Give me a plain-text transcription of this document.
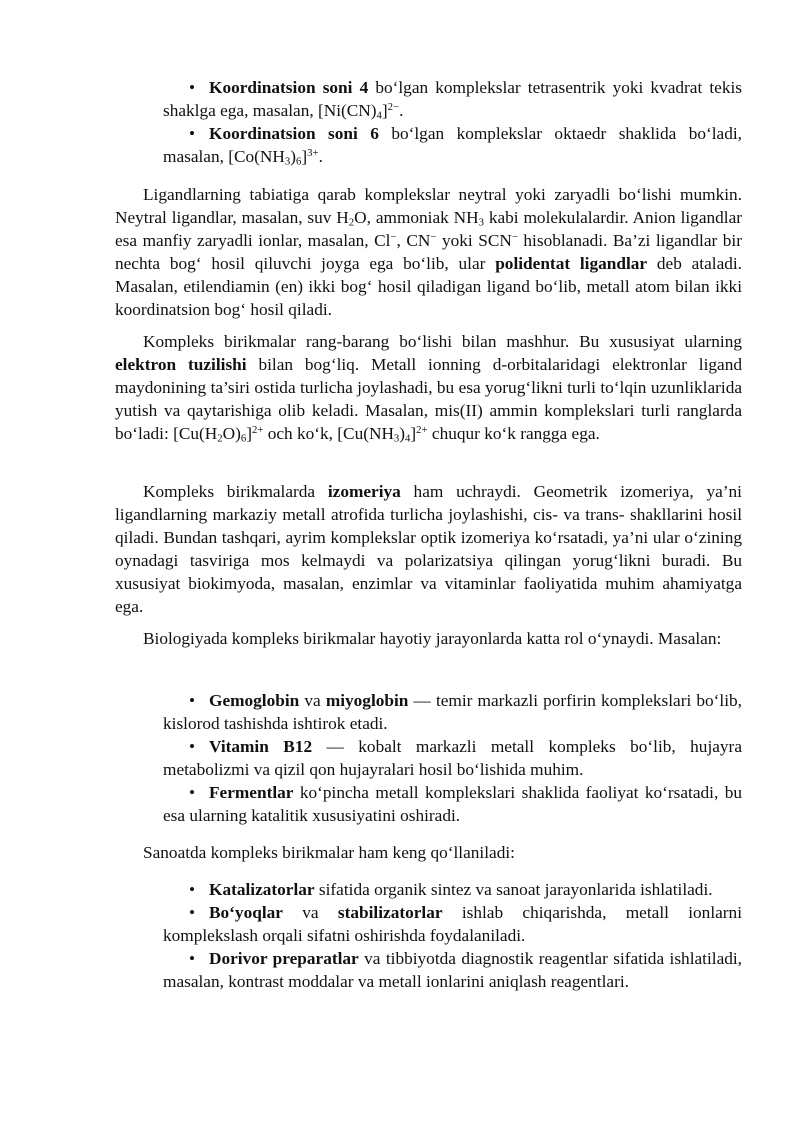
• Koordinatsion soni 4 bo‘lgan komplekslar tetrasentrik yoki kvadrat tekis shaklga ega, masalan, $[Ni(CN)_4]^{2-}$.
• Koordinatsion soni 6 bo‘lgan komplekslar oktaedr shaklida bo‘ladi, masalan, $[Co(NH_3)_6]^{3+}$.

Ligandlarning tabiatiga qarab komplekslar neytral yoki zaryadli bo‘lishi mumkin. Neytral ligandlar, masalan, suv $H_2O$, ammoniak $NH_3$ kabi molekulalardir. Anion ligandlar esa manfiy zaryadli ionlar, masalan, Cl−, CN− yoki SCN− hisoblanadi. Ba’zi ligandlar bir nechta bog‘ hosil qiluvchi joyga ega bo‘lib, ular polidentat ligandlar deb ataladi. Masalan, etilendiamin (en) ikki bog‘ hosil qiladigan ligand bo‘lib, metall atom bilan ikki koordinatsion bog‘ hosil qiladi.

Kompleks birikmalar rang-barang bo‘lishi bilan mashhur. Bu xususiyat ularning elektron tuzilishi bilan bog‘liq. Metall ionning d-orbitalaridagi elektronlar ligand maydonining ta’siri ostida turlicha joylashadi, bu esa yorug‘likni turli to‘lqin uzunliklarida yutish va qaytarishiga olib keladi. Masalan, mis(II) ammin komplekslari turli ranglarda bo‘ladi: $[Cu(H_2O)_6]^{2+}$ och ko‘k, $[Cu(NH_3)_4]^{2+}$ chuqur ko‘k rangga ega.

Kompleks birikmalarda izomeriya ham uchraydi. Geometrik izomeriya, ya’ni ligandlarning markaziy metall atrofida turlicha joylashishi, cis- va trans- shakllarini hosil qiladi. Bundan tashqari, ayrim komplekslar optik izomeriya ko‘rsatadi, ya’ni ular o‘zining oynadagi tasviriga mos kelmaydi va polarizatsiya qilingan yorug‘likni buradi. Bu xususiyat biokimyoda, masalan, enzimlar va vitaminlar faoliyatida muhim ahamiyatga ega.

Biologiyada kompleks birikmalar hayotiy jarayonlarda katta rol o‘ynaydi. Masalan:

• Gemoglobin va miyoglobin — temir markazli porfirin komplekslari bo‘lib, kislorod tashishda ishtirok etadi.
• Vitamin B12 — kobalt markazli metall kompleks bo‘lib, hujayra metabolizmi va qizil qon hujayralari hosil bo‘lishida muhim.
• Fermentlar ko‘pincha metall komplekslari shaklida faoliyat ko‘rsatadi, bu esa ularning katalitik xususiyatini oshiradi.

Sanoatda kompleks birikmalar ham keng qo‘llaniladi:

• Katalizatorlar sifatida organik sintez va sanoat jarayonlarida ishlatiladi.
• Bo‘yoqlar va stabilizatorlar ishlab chiqarishda, metall ionlarni komplekslash orqali sifatni oshirishda foydalaniladi.
• Dorivor preparatlar va tibbiyotda diagnostik reagentlar sifatida ishlatiladi, masalan, kontrast moddalar va metall ionlarini aniqlash reagentlari.
